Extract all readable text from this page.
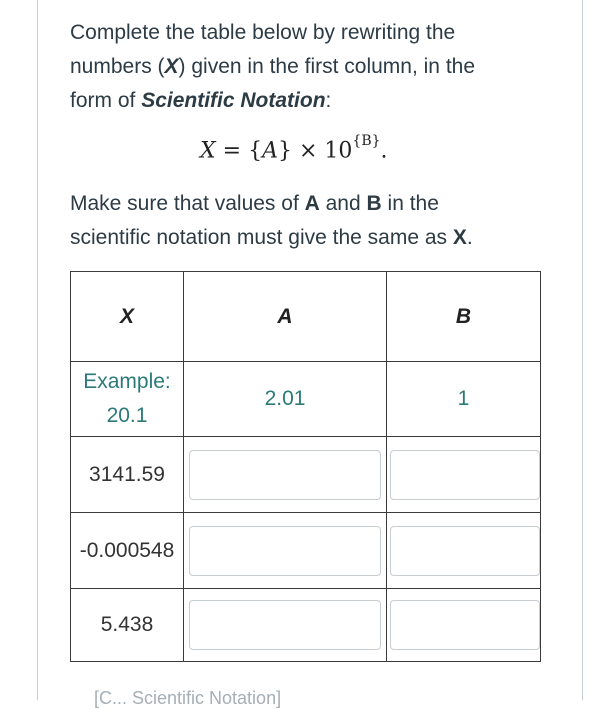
Complete the table below by rewriting the

numbers (X) given in the first column, in the

form of Scientific Notation:

$X = \{A\} \times 10^{\{B\}}$.

Make sure that values of A and B in the

scientific notation must give the same as X.

X	A	B

Example:
20.1	2.01	1
3141.59	

-0.000548	

5.438	

[C... Scientific Notation]
